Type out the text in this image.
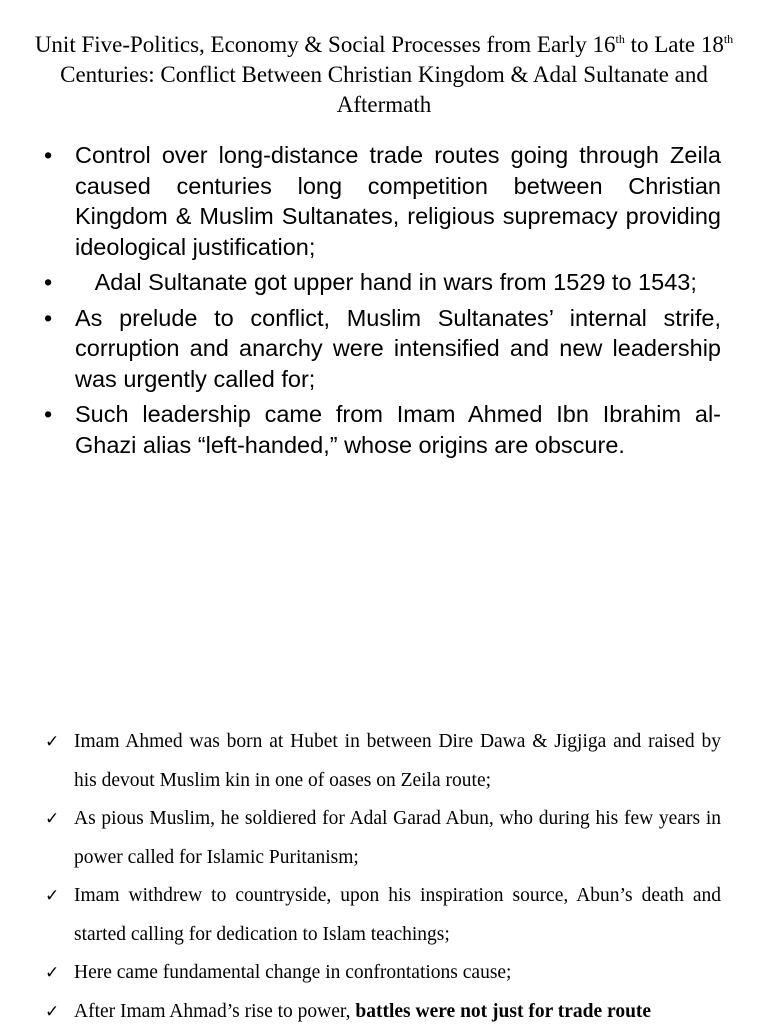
Unit Five-Politics, Economy & Social Processes from Early 16th to Late 18th Centuries: Conflict Between Christian Kingdom & Adal Sultanate and Aftermath
• Control over long-distance trade routes going through Zeila caused centuries long competition between Christian Kingdom & Muslim Sultanates, religious supremacy providing ideological justification;
• Adal Sultanate got upper hand in wars from 1529 to 1543;
• As prelude to conflict, Muslim Sultanates’ internal strife, corruption and anarchy were intensified and new leadership was urgently called for;
• Such leadership came from Imam Ahmed Ibn Ibrahim al-Ghazi alias “left-handed,” whose origins are obscure.
✓ Imam Ahmed was born at Hubet in between Dire Dawa & Jigjiga and raised by his devout Muslim kin in one of oases on Zeila route;
✓ As pious Muslim, he soldiered for Adal Garad Abun, who during his few years in power called for Islamic Puritanism;
✓ Imam withdrew to countryside, upon his inspiration source, Abun’s death and started calling for dedication to Islam teachings;
✓ Here came fundamental change in confrontations cause;
✓ After Imam Ahmad’s rise to power, battles were not just for trade route
